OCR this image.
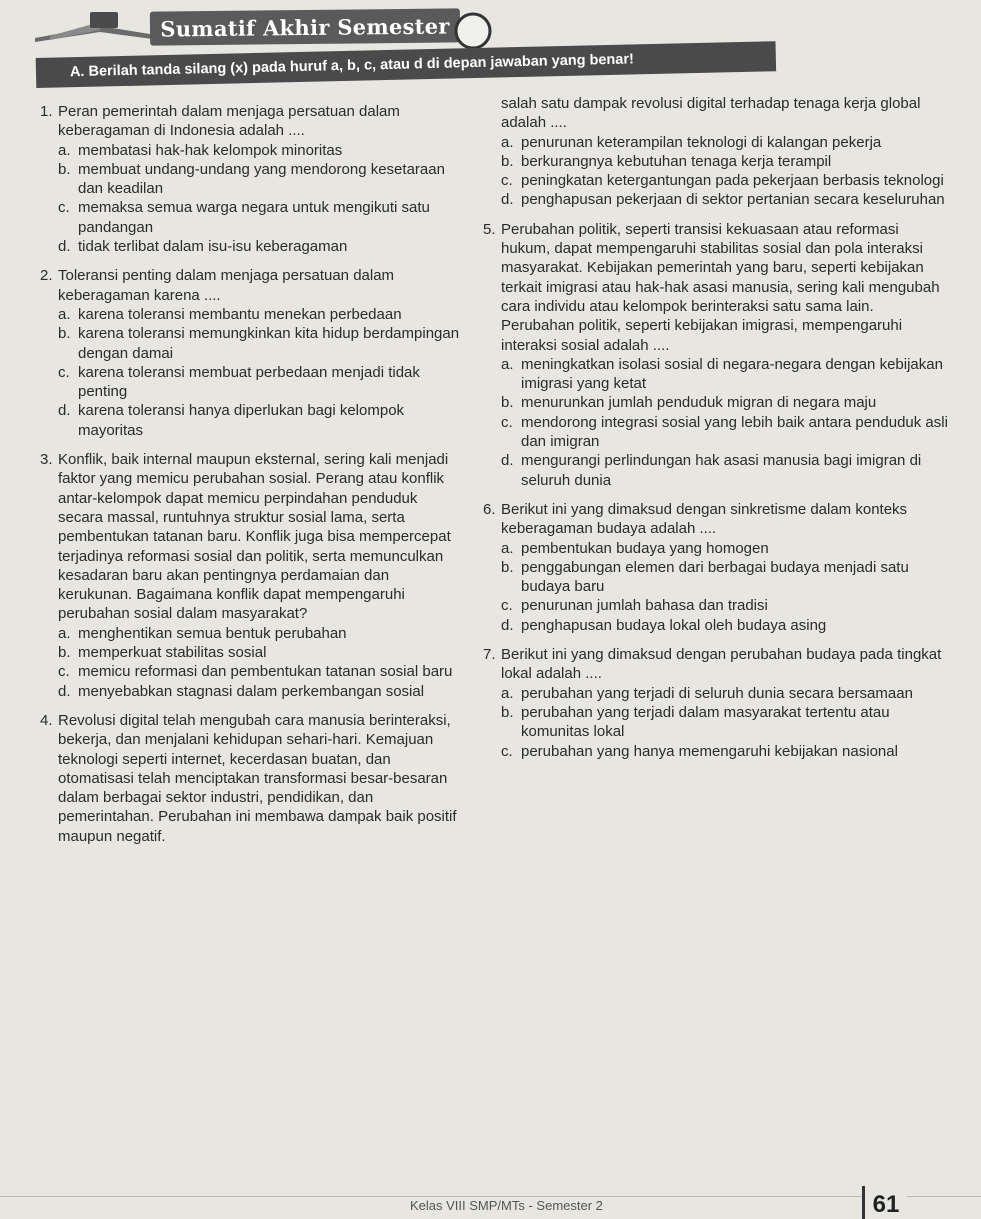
Sumatif Akhir Semester
A. Berilah tanda silang (x) pada huruf a, b, c, atau d di depan jawaban yang benar!
1. Peran pemerintah dalam menjaga persatuan dalam keberagaman di Indonesia adalah ....
a. membatasi hak-hak kelompok minoritas
b. membuat undang-undang yang mendorong kesetaraan dan keadilan
c. memaksa semua warga negara untuk mengikuti satu pandangan
d. tidak terlibat dalam isu-isu keberagaman
2. Toleransi penting dalam menjaga persatuan dalam keberagaman karena ....
a. karena toleransi membantu menekan perbedaan
b. karena toleransi memungkinkan kita hidup berdampingan dengan damai
c. karena toleransi membuat perbedaan menjadi tidak penting
d. karena toleransi hanya diperlukan bagi kelompok mayoritas
3. Konflik, baik internal maupun eksternal, sering kali menjadi faktor yang memicu perubahan sosial. Perang atau konflik antar-kelompok dapat memicu perpindahan penduduk secara massal, runtuhnya struktur sosial lama, serta pembentukan tatanan baru. Konflik juga bisa mempercepat terjadinya reformasi sosial dan politik, serta memunculkan kesadaran baru akan pentingnya perdamaian dan kerukunan. Bagaimana konflik dapat mempengaruhi perubahan sosial dalam masyarakat?
a. menghentikan semua bentuk perubahan
b. memperkuat stabilitas sosial
c. memicu reformasi dan pembentukan tatanan sosial baru
d. menyebabkan stagnasi dalam perkembangan sosial
4. Revolusi digital telah mengubah cara manusia berinteraksi, bekerja, dan menjalani kehidupan sehari-hari. Kemajuan teknologi seperti internet, kecerdasan buatan, dan otomatisasi telah menciptakan transformasi besar-besaran dalam berbagai sektor industri, pendidikan, dan pemerintahan. Perubahan ini membawa dampak baik positif maupun negatif.
salah satu dampak revolusi digital terhadap tenaga kerja global adalah ....
a. penurunan keterampilan teknologi di kalangan pekerja
b. berkurangnya kebutuhan tenaga kerja terampil
c. peningkatan ketergantungan pada pekerjaan berbasis teknologi
d. penghapusan pekerjaan di sektor pertanian secara keseluruhan
5. Perubahan politik, seperti transisi kekuasaan atau reformasi hukum, dapat mempengaruhi stabilitas sosial dan pola interaksi masyarakat. Kebijakan pemerintah yang baru, seperti kebijakan terkait imigrasi atau hak-hak asasi manusia, sering kali mengubah cara individu atau kelompok berinteraksi satu sama lain. Perubahan politik, seperti kebijakan imigrasi, mempengaruhi interaksi sosial adalah ....
a. meningkatkan isolasi sosial di negara-negara dengan kebijakan imigrasi yang ketat
b. menurunkan jumlah penduduk migran di negara maju
c. mendorong integrasi sosial yang lebih baik antara penduduk asli dan imigran
d. mengurangi perlindungan hak asasi manusia bagi imigran di seluruh dunia
6. Berikut ini yang dimaksud dengan sinkretisme dalam konteks keberagaman budaya adalah ....
a. pembentukan budaya yang homogen
b. penggabungan elemen dari berbagai budaya menjadi satu budaya baru
c. penurunan jumlah bahasa dan tradisi
d. penghapusan budaya lokal oleh budaya asing
7. Berikut ini yang dimaksud dengan perubahan budaya pada tingkat lokal adalah ....
a. perubahan yang terjadi di seluruh dunia secara bersamaan
b. perubahan yang terjadi dalam masyarakat tertentu atau komunitas lokal
c. perubahan yang hanya memengaruhi kebijakan nasional
Kelas VIII SMP/MTs - Semester 2	61
